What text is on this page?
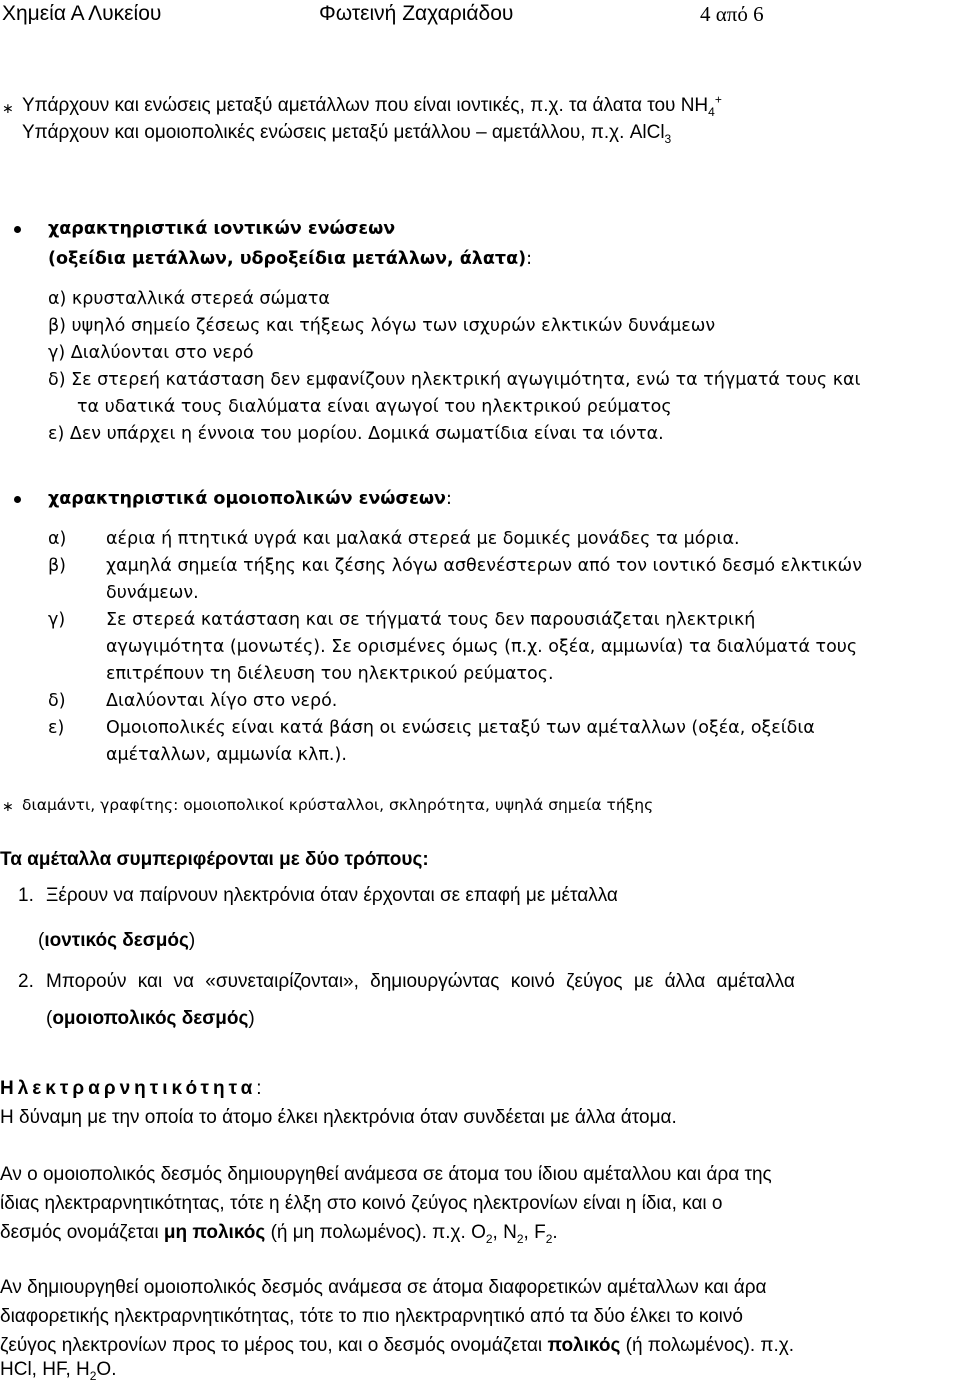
Χημεία Α Λυκείου	Φωτεινή Ζαχαριάδου	4 από 6
∗ Υπάρχουν και ενώσεις μεταξύ αμετάλλων που είναι ιοντικές, π.χ. τα άλατα του $NH_4^+$
Υπάρχουν και ομοιοπολικές ενώσεις μεταξύ μετάλλου – αμετάλλου, π.χ. AlCl$_3$
χαρακτηριστικά ιοντικών ενώσεων
(οξείδια μετάλλων, υδροξείδια μετάλλων, άλατα):
α) κρυσταλλικά στερεά σώματα
β) υψηλό σημείο ζέσεως και τήξεως λόγω των ισχυρών ελκτικών δυνάμεων
γ) Διαλύονται στο νερό
δ) Σε στερεή κατάσταση δεν εμφανίζουν ηλεκτρική αγωγιμότητα, ενώ τα τήγματά τους και
τα υδατικά τους διαλύματα είναι αγωγοί του ηλεκτρικού ρεύματος
ε) Δεν υπάρχει η έννοια του μορίου. Δομικά σωματίδια είναι τα ιόντα.
χαρακτηριστικά ομοιοπολικών ενώσεων:
α) αέρια ή πτητικά υγρά και μαλακά στερεά με δομικές μονάδες τα μόρια.
β) χαμηλά σημεία τήξης και ζέσης λόγω ασθενέστερων από τον ιοντικό δεσμό ελκτικών
δυνάμεων.
γ) Σε στερεά κατάσταση και σε τήγματά τους δεν παρουσιάζεται ηλεκτρική
αγωγιμότητα (μονωτές). Σε ορισμένες όμως (π.χ. οξέα, αμμωνία) τα διαλύματά τους
επιτρέπουν τη διέλευση του ηλεκτρικού ρεύματος.
δ) Διαλύονται λίγο στο νερό.
ε) Ομοιοπολικές είναι κατά βάση οι ενώσεις μεταξύ των αμέταλλων (οξέα, οξείδια
αμέταλλων, αμμωνία κλπ.).
∗ διαμάντι, γραφίτης: ομοιοπολικοί κρύσταλλοι, σκληρότητα, υψηλά σημεία τήξης
Τα αμέταλλα συμπεριφέρονται με δύο τρόπους:
1. Ξέρουν να παίρνουν ηλεκτρόνια όταν έρχονται σε επαφή με μέταλλα
(ιοντικός δεσμός)
2. Μπορούν και να «συνεταιρίζονται», δημιουργώντας κοινό ζεύγος με άλλα αμέταλλα
(ομοιοπολικός δεσμός)
Ηλεκτραρνητικότητα:
Η δύναμη με την οποία το άτομο έλκει ηλεκτρόνια όταν συνδέεται με άλλα άτομα.
Αν ο ομοιοπολικός δεσμός δημιουργηθεί ανάμεσα σε άτομα του ίδιου αμέταλλου και άρα της
ίδιας ηλεκτραρνητικότητας, τότε η έλξη στο κοινό ζεύγος ηλεκτρονίων είναι η ίδια, και ο
δεσμός ονομάζεται μη πολικός (ή μη πολωμένος). π.χ. $O_2$, $N_2$, $F_2$.
Αν δημιουργηθεί ομοιοπολικός δεσμός ανάμεσα σε άτομα διαφορετικών αμέταλλων και άρα
διαφορετικής ηλεκτραρνητικότητας, τότε το πιο ηλεκτραρνητικό από τα δύο έλκει το κοινό
ζεύγος ηλεκτρονίων προς το μέρος του, και ο δεσμός ονομάζεται πολικός (ή πολωμένος). π.χ.
HCl, HF, $H_2O$.
